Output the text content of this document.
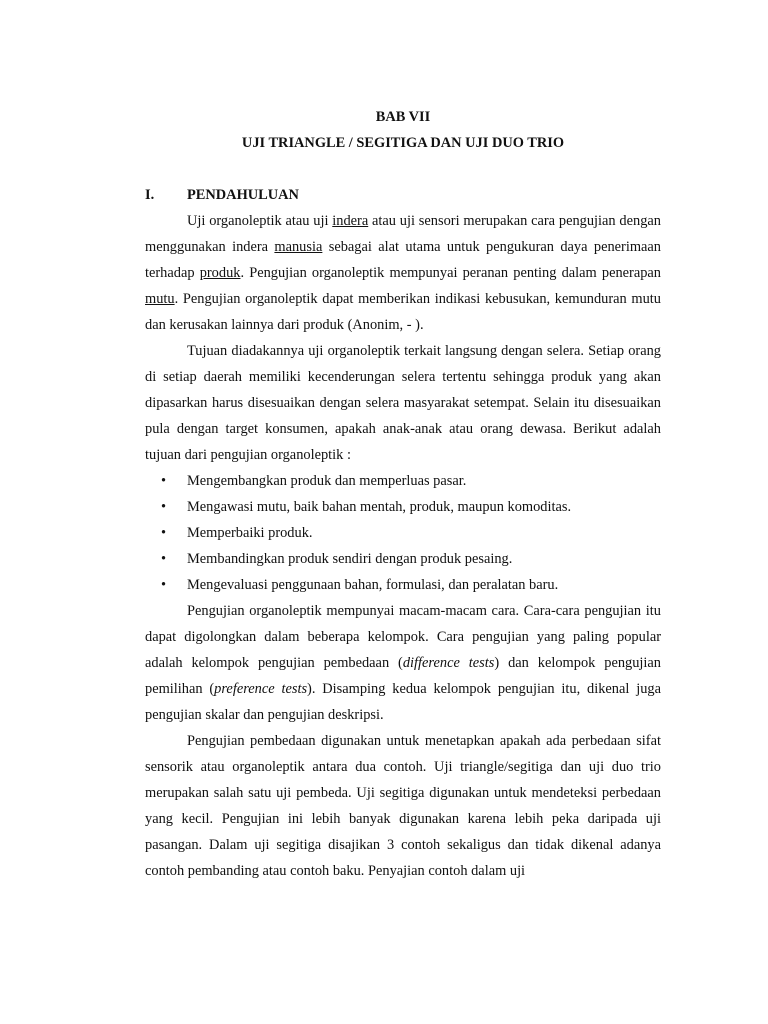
BAB VII
UJI TRIANGLE / SEGITIGA DAN UJI DUO TRIO
I.	PENDAHULUAN

Uji organoleptik atau uji indera atau uji sensori merupakan cara pengujian dengan menggunakan indera manusia sebagai alat utama untuk pengukuran daya penerimaan terhadap produk. Pengujian organoleptik mempunyai peranan penting dalam penerapan mutu. Pengujian organoleptik dapat memberikan indikasi kebusukan, kemunduran mutu dan kerusakan lainnya dari produk (Anonim, - ).

Tujuan diadakannya uji organoleptik terkait langsung dengan selera. Setiap orang di setiap daerah memiliki kecenderungan selera tertentu sehingga produk yang akan dipasarkan harus disesuaikan dengan selera masyarakat setempat. Selain itu disesuaikan pula dengan target konsumen, apakah anak-anak atau orang dewasa. Berikut adalah tujuan dari pengujian organoleptik :

• Mengembangkan produk dan memperluas pasar.
• Mengawasi mutu, baik bahan mentah, produk, maupun komoditas.
• Memperbaiki produk.
• Membandingkan produk sendiri dengan produk pesaing.
• Mengevaluasi penggunaan bahan, formulasi, dan peralatan baru.

Pengujian organoleptik mempunyai macam-macam cara. Cara-cara pengujian itu dapat digolongkan dalam beberapa kelompok. Cara pengujian yang paling popular adalah kelompok pengujian pembedaan (difference tests) dan kelompok pengujian pemilihan (preference tests). Disamping kedua kelompok pengujian itu, dikenal juga pengujian skalar dan pengujian deskripsi.

Pengujian pembedaan digunakan untuk menetapkan apakah ada perbedaan sifat sensorik atau organoleptik antara dua contoh. Uji triangle/segitiga dan uji duo trio merupakan salah satu uji pembeda. Uji segitiga digunakan untuk mendeteksi perbedaan yang kecil. Pengujian ini lebih banyak digunakan karena lebih peka daripada uji pasangan. Dalam uji segitiga disajikan 3 contoh sekaligus dan tidak dikenal adanya contoh pembanding atau contoh baku. Penyajian contoh dalam uji
